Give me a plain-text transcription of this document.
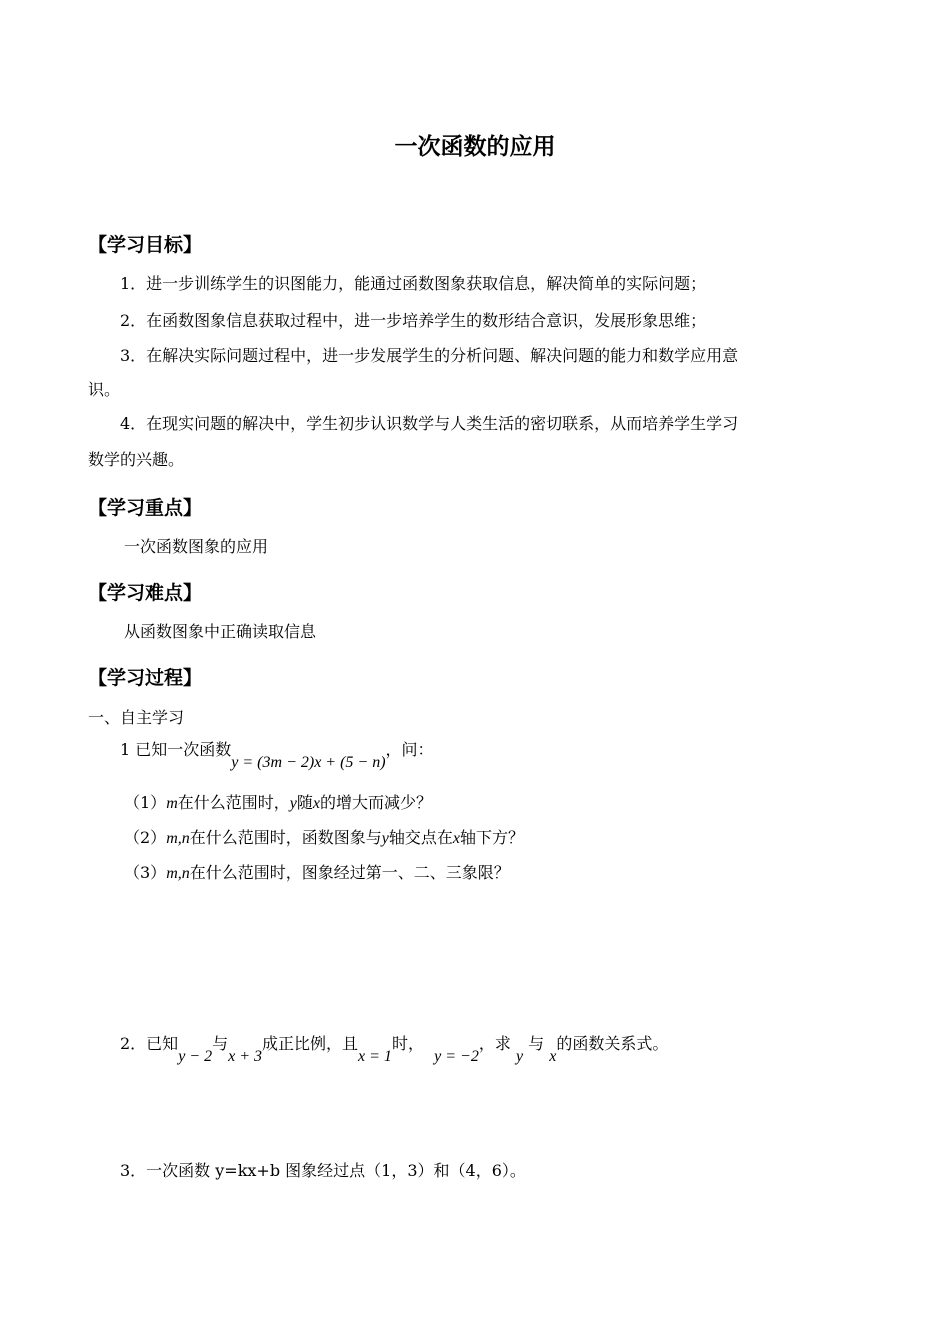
一次函数的应用
【学习目标】
1．进一步训练学生的识图能力，能通过函数图象获取信息，解决简单的实际问题；
2．在函数图象信息获取过程中，进一步培养学生的数形结合意识，发展形象思维；
3．在解决实际问题过程中，进一步发展学生的分析问题、解决问题的能力和数学应用意
识。
4．在现实问题的解决中，学生初步认识数学与人类生活的密切联系，从而培养学生学习
数学的兴趣。
【学习重点】
一次函数图象的应用
【学习难点】
从函数图象中正确读取信息
【学习过程】
一、自主学习
1 已知一次函数y = (3m − 2)x + (5 − n)，问：
（1）m在什么范围时，y随x的增大而减少？
（2）m,n在什么范围时，函数图象与y轴交点在x轴下方？
（3）m,n在什么范围时，图象经过第一、二、三象限？
2．已知y − 2与x + 3成正比例，且x = 1时，  y = −2，求 y 与 x的函数关系式。
3．一次函数 y=kx+b 图象经过点（1，3）和（4，6）。
